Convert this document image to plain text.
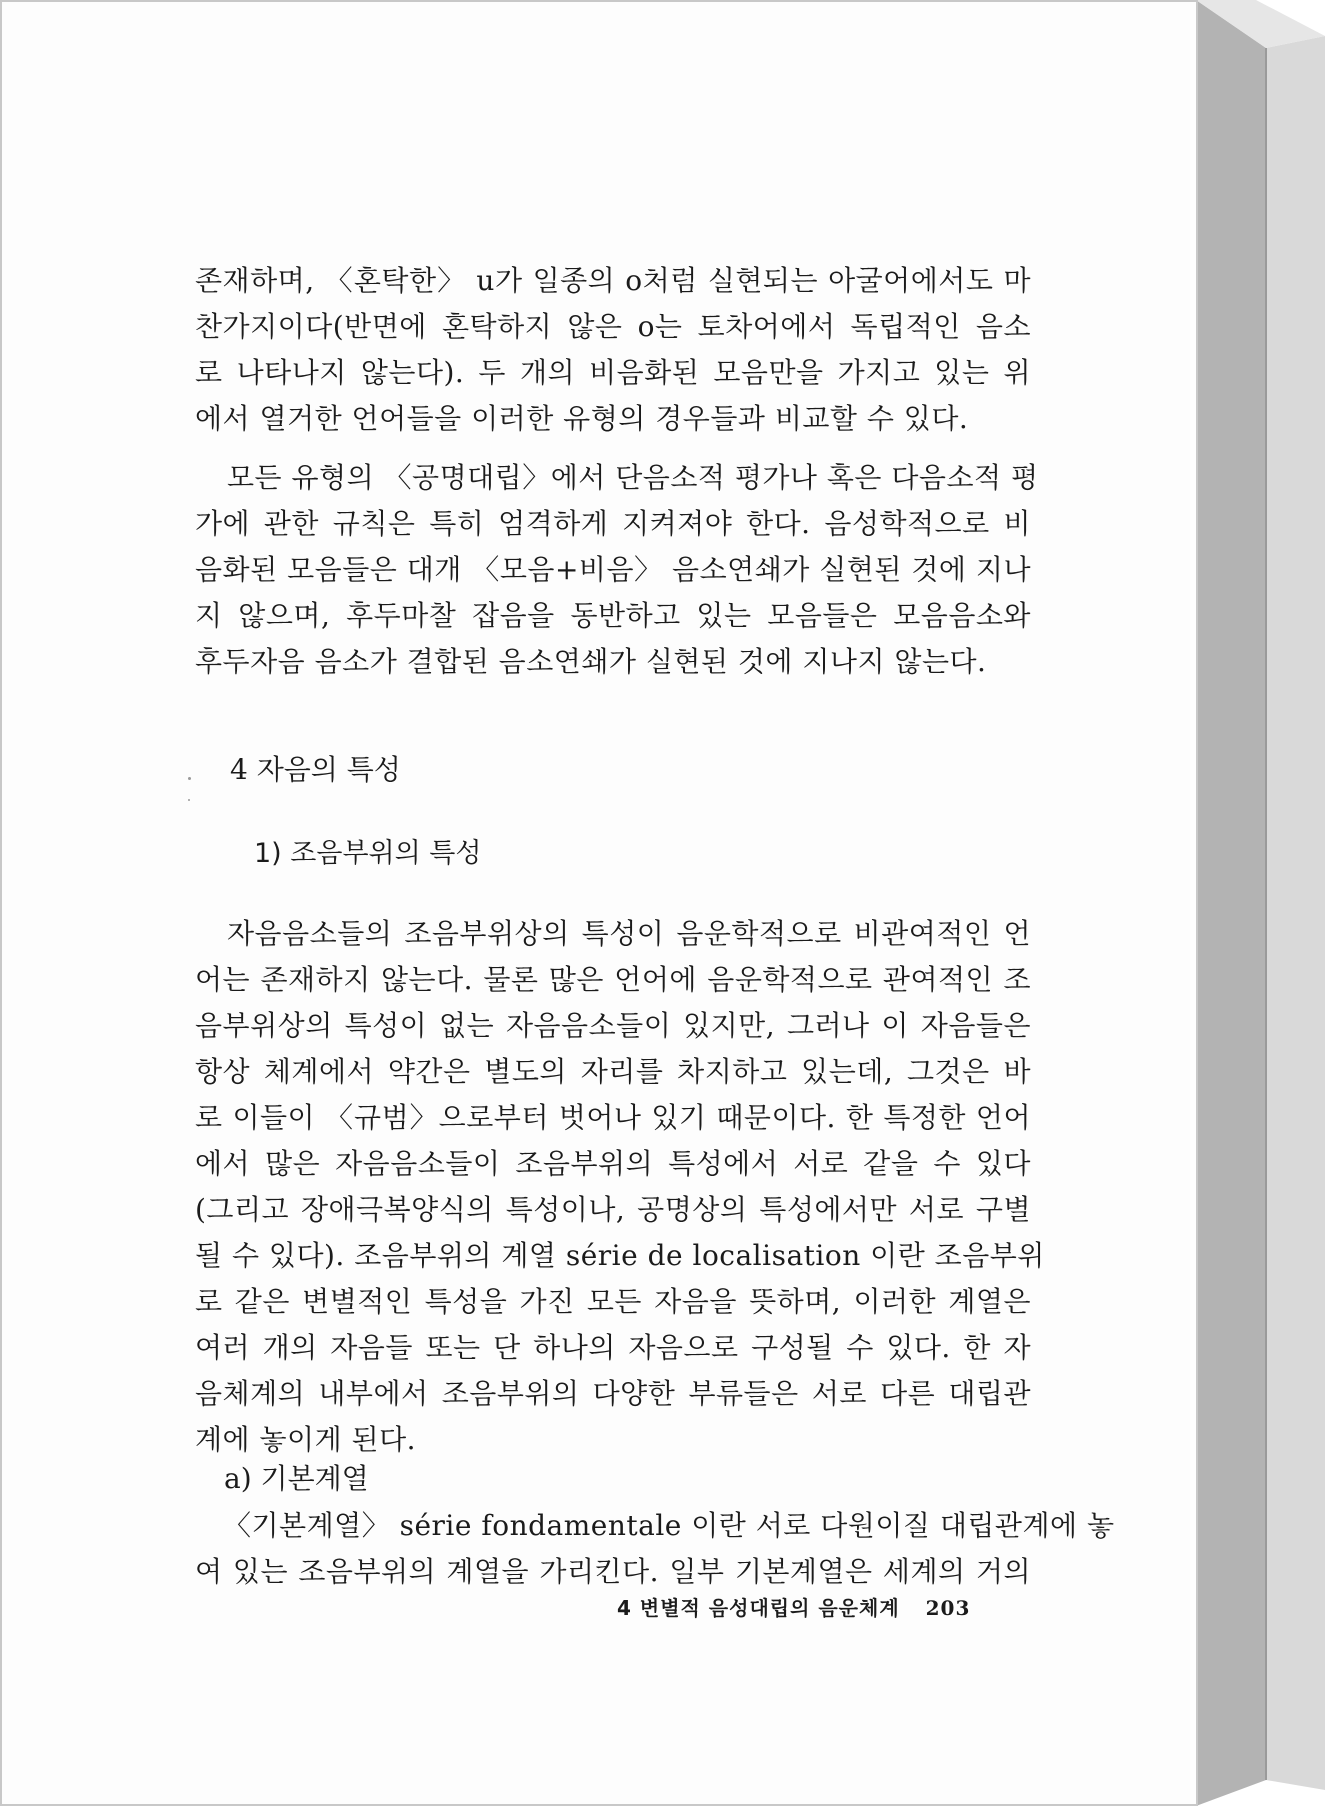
존재하며, 〈혼탁한〉 u가 일종의 o처럼 실현되는 아굴어에서도 마
찬가지이다(반면에 혼탁하지 않은 o는 토차어에서 독립적인 음소
로 나타나지 않는다). 두 개의 비음화된 모음만을 가지고 있는 위
에서 열거한 언어들을 이러한 유형의 경우들과 비교할 수 있다.
모든 유형의 〈공명대립〉에서 단음소적 평가나 혹은 다음소적 평
가에 관한 규칙은 특히 엄격하게 지켜져야 한다. 음성학적으로 비
음화된 모음들은 대개 〈모음+비음〉 음소연쇄가 실현된 것에 지나
지 않으며, 후두마찰 잡음을 동반하고 있는 모음들은 모음음소와
후두자음 음소가 결합된 음소연쇄가 실현된 것에 지나지 않는다.
4 자음의 특성
1) 조음부위의 특성
자음음소들의 조음부위상의 특성이 음운학적으로 비관여적인 언
어는 존재하지 않는다. 물론 많은 언어에 음운학적으로 관여적인 조
음부위상의 특성이 없는 자음음소들이 있지만, 그러나 이 자음들은
항상 체계에서 약간은 별도의 자리를 차지하고 있는데, 그것은 바
로 이들이 〈규범〉으로부터 벗어나 있기 때문이다. 한 특정한 언어
에서 많은 자음음소들이 조음부위의 특성에서 서로 같을 수 있다
(그리고 장애극복양식의 특성이나, 공명상의 특성에서만 서로 구별
될 수 있다). 조음부위의 계열 série de localisation 이란 조음부위
로 같은 변별적인 특성을 가진 모든 자음을 뜻하며, 이러한 계열은
여러 개의 자음들 또는 단 하나의 자음으로 구성될 수 있다. 한 자
음체계의 내부에서 조음부위의 다양한 부류들은 서로 다른 대립관
계에 놓이게 된다.
a) 기본계열
〈기본계열〉 série fondamentale 이란 서로 다원이질 대립관계에 놓
여 있는 조음부위의 계열을 가리킨다. 일부 기본계열은 세계의 거의
4 변별적 음성대립의 음운체계 203
